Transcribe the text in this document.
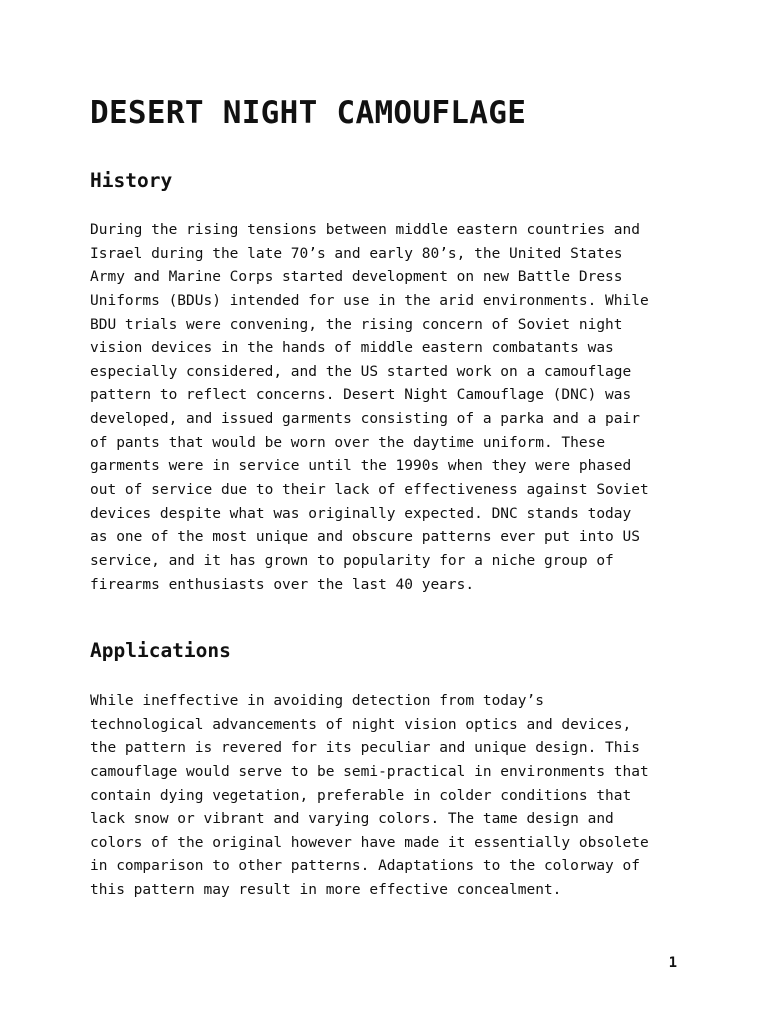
DESERT NIGHT CAMOUFLAGE
History
During the rising tensions between middle eastern countries and
Israel during the late 70’s and early 80’s, the United States
Army and Marine Corps started development on new Battle Dress
Uniforms (BDUs) intended for use in the arid environments. While
BDU trials were convening, the rising concern of Soviet night
vision devices in the hands of middle eastern combatants was
especially considered, and the US started work on a camouflage
pattern to reflect concerns. Desert Night Camouflage (DNC) was
developed, and issued garments consisting of a parka and a pair
of pants that would be worn over the daytime uniform. These
garments were in service until the 1990s when they were phased
out of service due to their lack of effectiveness against Soviet
devices despite what was originally expected. DNC stands today
as one of the most unique and obscure patterns ever put into US
service, and it has grown to popularity for a niche group of
firearms enthusiasts over the last 40 years.
Applications
While ineffective in avoiding detection from today’s
technological advancements of night vision optics and devices,
the pattern is revered for its peculiar and unique design. This
camouflage would serve to be semi-practical in environments that
contain dying vegetation, preferable in colder conditions that
lack snow or vibrant and varying colors. The tame design and
colors of the original however have made it essentially obsolete
in comparison to other patterns. Adaptations to the colorway of
this pattern may result in more effective concealment.
1
